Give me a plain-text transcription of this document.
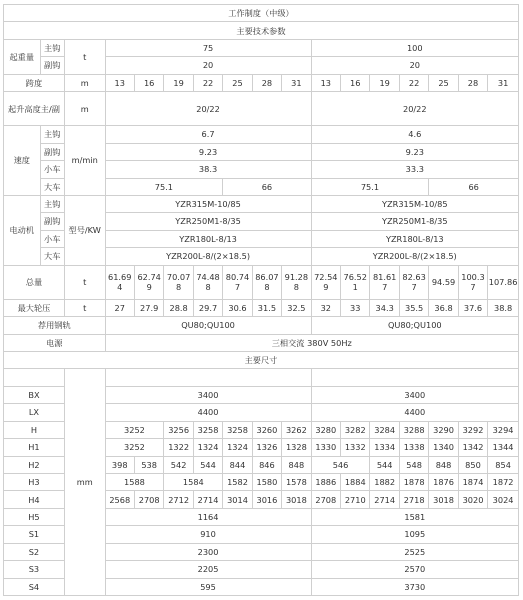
工作制度（中级）																
主要技术参数																
起重量	主钩	t	75							100						
	副钩		20							20						
跨度		m	13	16	19	22	25	28	31	13	16	19	22	25	28	31
起升高度主/副		m	20/22							20/22						
速度	主钩	m/min	6.7							4.6						
	副钩		9.23							9.23						
	小车		38.3							33.3						
	大车		75.1				66			75.1				66		
电动机	主钩	型号/KW	YZR315M-10/85							YZR315M-10/85						
	副钩		YZR250M1-8/35							YZR250M1-8/35						
	小车		YZR180L-8/13							YZR180L-8/13						
	大车		YZR200L-8/(2×18.5)							YZR200L-8/(2×18.5)						
总量		t	61.694	62.749	70.078	74.488	80.747	86.078	91.288	72.549	76.521	81.617	82.637	94.59	100.37	107.86
最大轮压		t	27	27.9	28.8	29.7	30.6	31.5	32.5	32	33	34.3	35.5	36.8	37.6	38.8
荐用钢轨			QU80;QU100							QU80;QU100						
电源			三相交流 380V 50Hz													
主要尺寸																
		mm														
BX			3400							3400						
LX			4400							4400						
H			3252		3256	3258	3258	3260	3262	3280	3282	3284	3288	3290	3292	3294
H1			3252		1322	1324	1324	1326	1328	1330	1332	1334	1338	1340	1342	1344
H2			398	538	542	544	844	846	848	546		544	548	848	850	854
H3			1588		1584		1582	1580	1578	1886	1884	1882	1878	1876	1874	1872
H4			2568	2708	2712	2714	3014	3016	3018	2708	2710	2714	2718	3018	3020	3024
H5			1164							1581						
S1			910							1095						
S2			2300							2525						
S3			2205							2570						
S4			595							3730						
